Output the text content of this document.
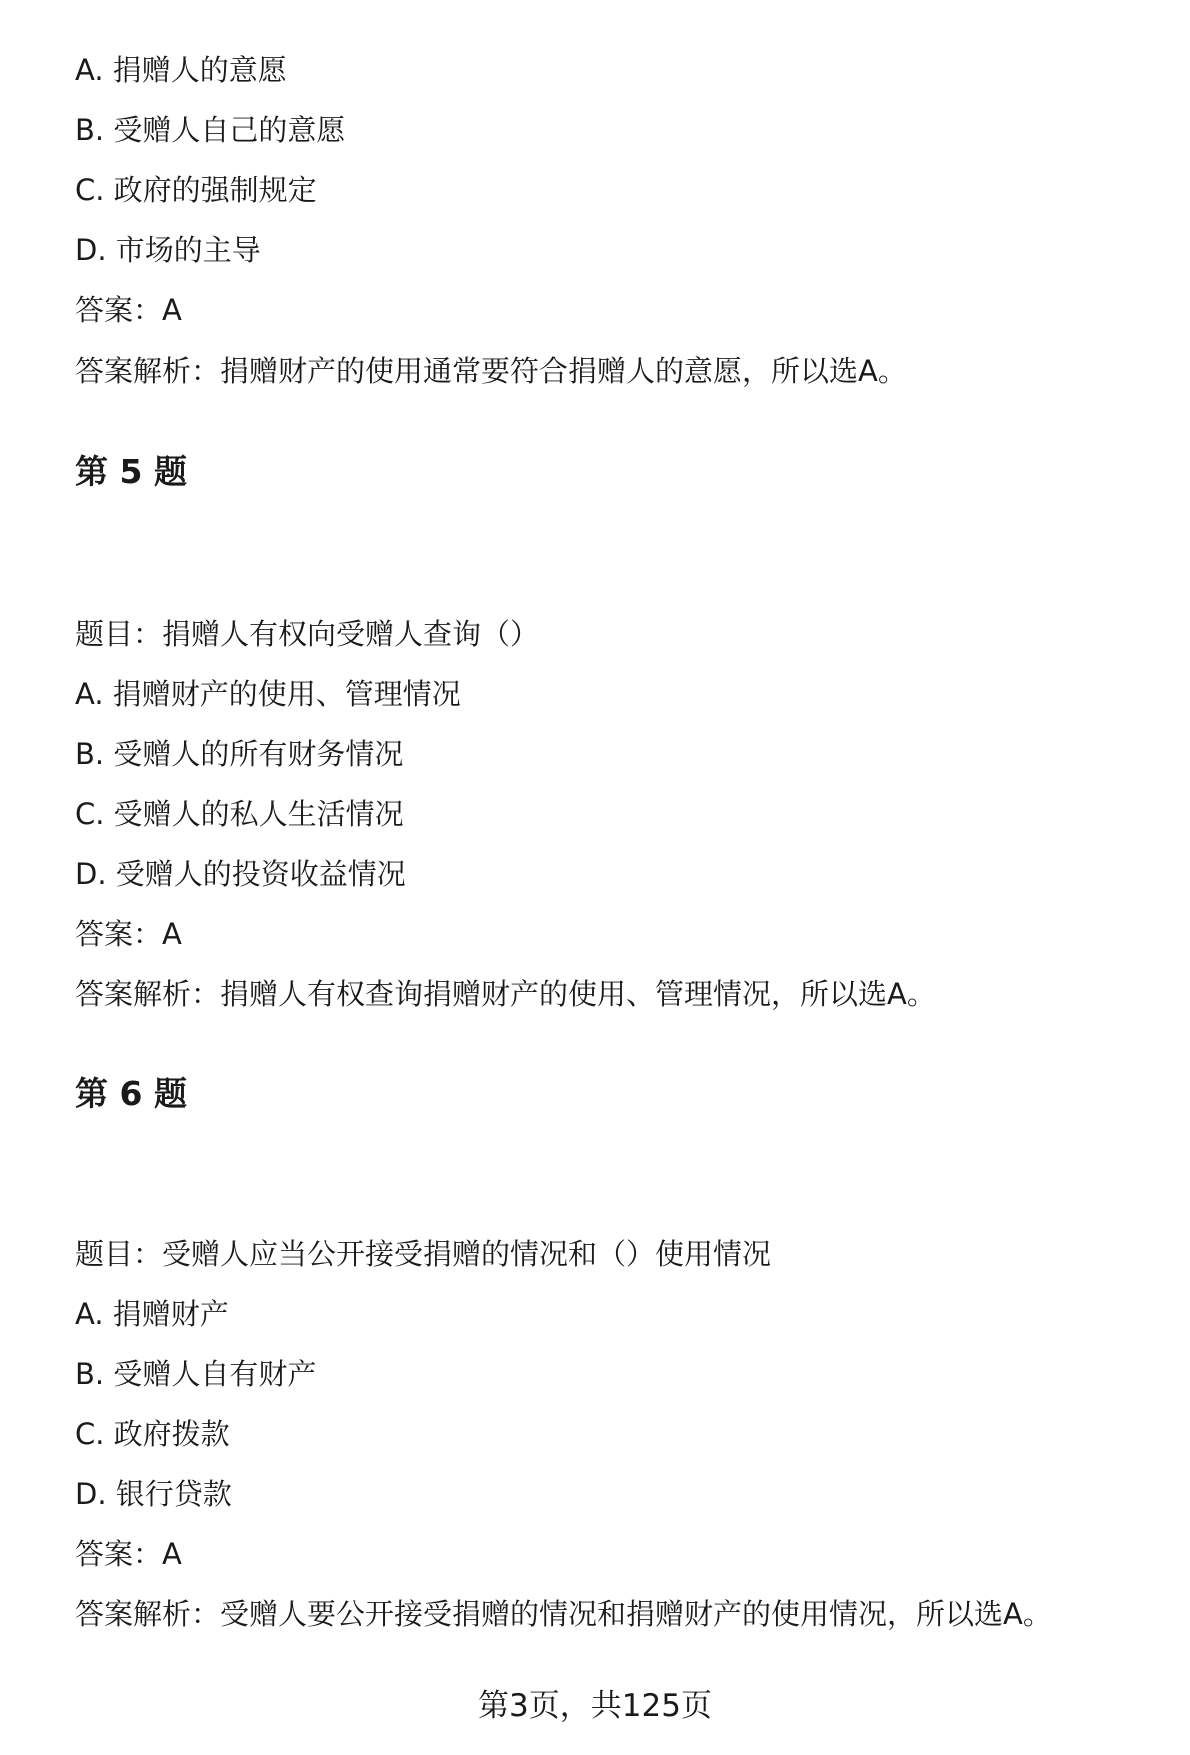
A. 捐赠人的意愿

B. 受赠人自己的意愿

C. 政府的强制规定

D. 市场的主导

答案：A

答案解析：捐赠财产的使用通常要符合捐赠人的意愿，所以选A。

第 5 题

题目：捐赠人有权向受赠人查询（）

A. 捐赠财产的使用、管理情况

B. 受赠人的所有财务情况

C. 受赠人的私人生活情况

D. 受赠人的投资收益情况

答案：A

答案解析：捐赠人有权查询捐赠财产的使用、管理情况，所以选A。

第 6 题

题目：受赠人应当公开接受捐赠的情况和（）使用情况

A. 捐赠财产

B. 受赠人自有财产

C. 政府拨款

D. 银行贷款

答案：A

答案解析：受赠人要公开接受捐赠的情况和捐赠财产的使用情况，所以选A。

第3页，共125页
